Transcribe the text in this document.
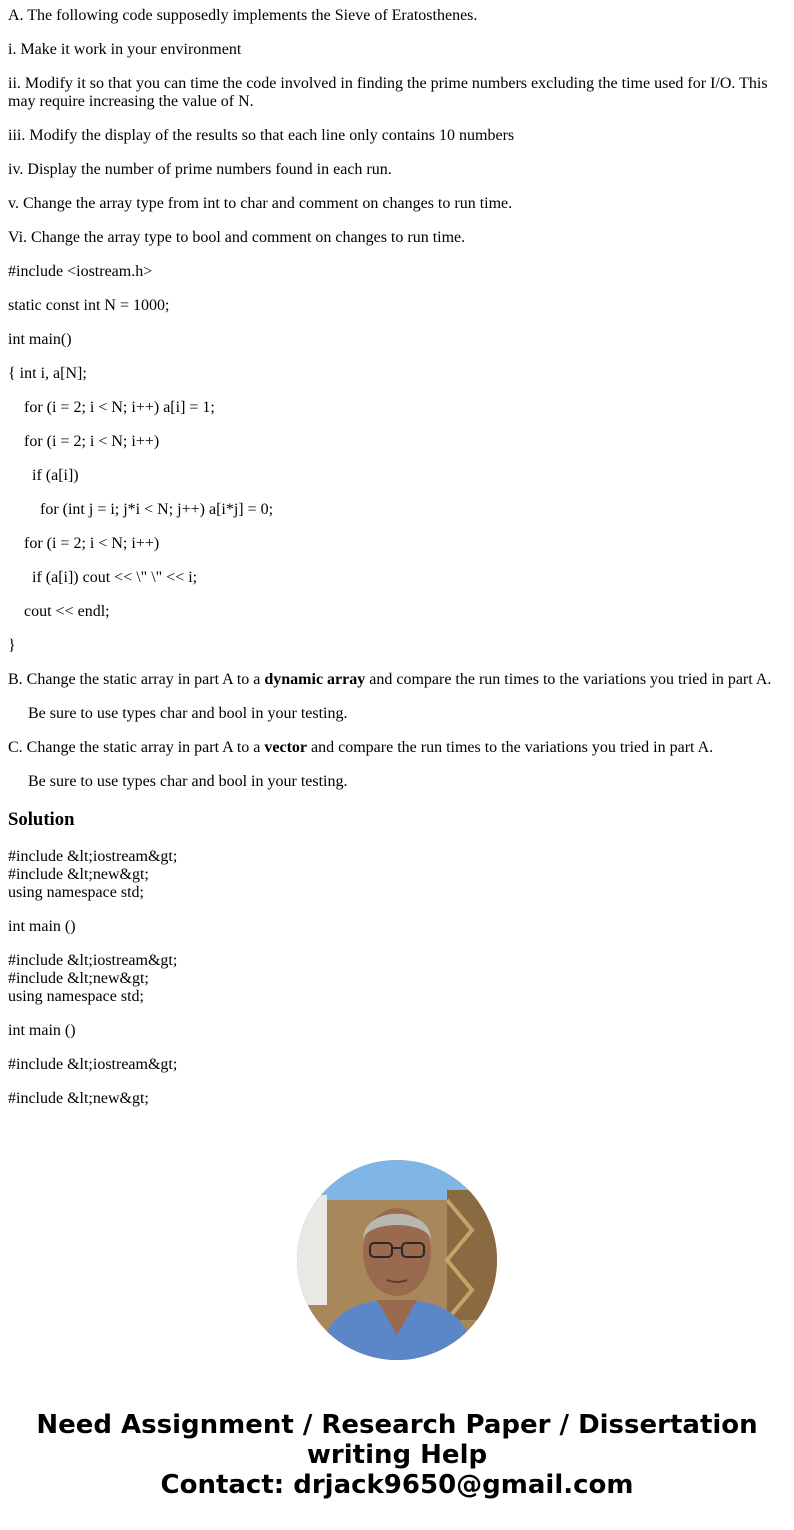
A. The following code supposedly implements the Sieve of Eratosthenes.

i. Make it work in your environment

ii. Modify it so that you can time the code involved in finding the prime numbers excluding the time used for I/O. This may require increasing the value of N.

iii. Modify the display of the results so that each line only contains 10 numbers

iv. Display the number of prime numbers found in each run.

v. Change the array type from int to char and comment on changes to run time.

Vi. Change the array type to bool and comment on changes to run time.

#include <iostream.h>

static const int N = 1000;

int main()

{ int i, a[N];

for (i = 2; i < N; i++) a[i] = 1;

for (i = 2; i < N; i++)

if (a[i])

for (int j = i; j*i < N; j++) a[i*j] = 0;

for (i = 2; i < N; i++)

if (a[i]) cout << \" \" << i;

cout << endl;

}

B. Change the static array in part A to a dynamic array and compare the run times to the variations you tried in part A.

Be sure to use types char and bool in your testing.

C. Change the static array in part A to a vector and compare the run times to the variations you tried in part A.

Be sure to use types char and bool in your testing.

Solution
#include &lt;iostream&gt;
#include &lt;new&gt;
using namespace std;

int main ()

#include &lt;iostream&gt;
#include &lt;new&gt;
using namespace std;

int main ()

#include &lt;iostream&gt;

#include &lt;new&gt;

Need Assignment / Research Paper / Dissertation
writing Help
Contact: drjack9650@gmail.com
